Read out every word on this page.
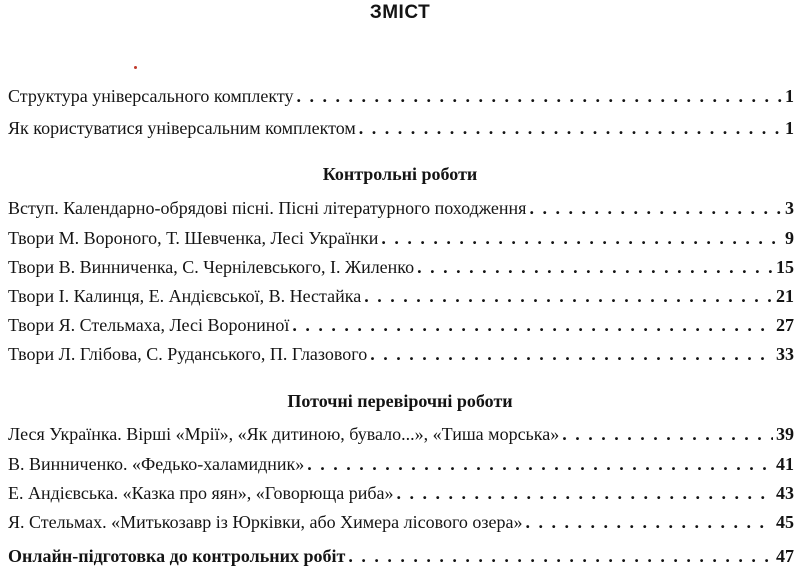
ЗМІСТ
Структура універсального комплекту . . .	1
Як користуватися універсальним комплектом . . .	1
Контрольні роботи
Вступ. Календарно-обрядові пісні. Пісні літературного походження . . .	3
Твори М. Вороного, Т. Шевченка, Лесі Українки . . .	9
Твори В. Винниченка, С. Чернілевського, І. Жиленко . . .	15
Твори І. Калинця, Е. Андієвської, В. Нестайка . . .	21
Твори Я. Стельмаха, Лесі Ворониної . . .	27
Твори Л. Глібова, С. Руданського, П. Глазового . . .	33
Поточні перевірочні роботи
Леся Українка. Вірші «Мрії», «Як дитиною, бувало...», «Тиша морська» . . .	39
В. Винниченко. «Федько-халамидник» . . .	41
Е. Андієвська. «Казка про яян», «Говорюща риба» . . .	43
Я. Стельмах. «Митькозавр із Юрківки, або Химера лісового озера» . . .	45
Онлайн-підготовка до контрольних робіт . . .	47
